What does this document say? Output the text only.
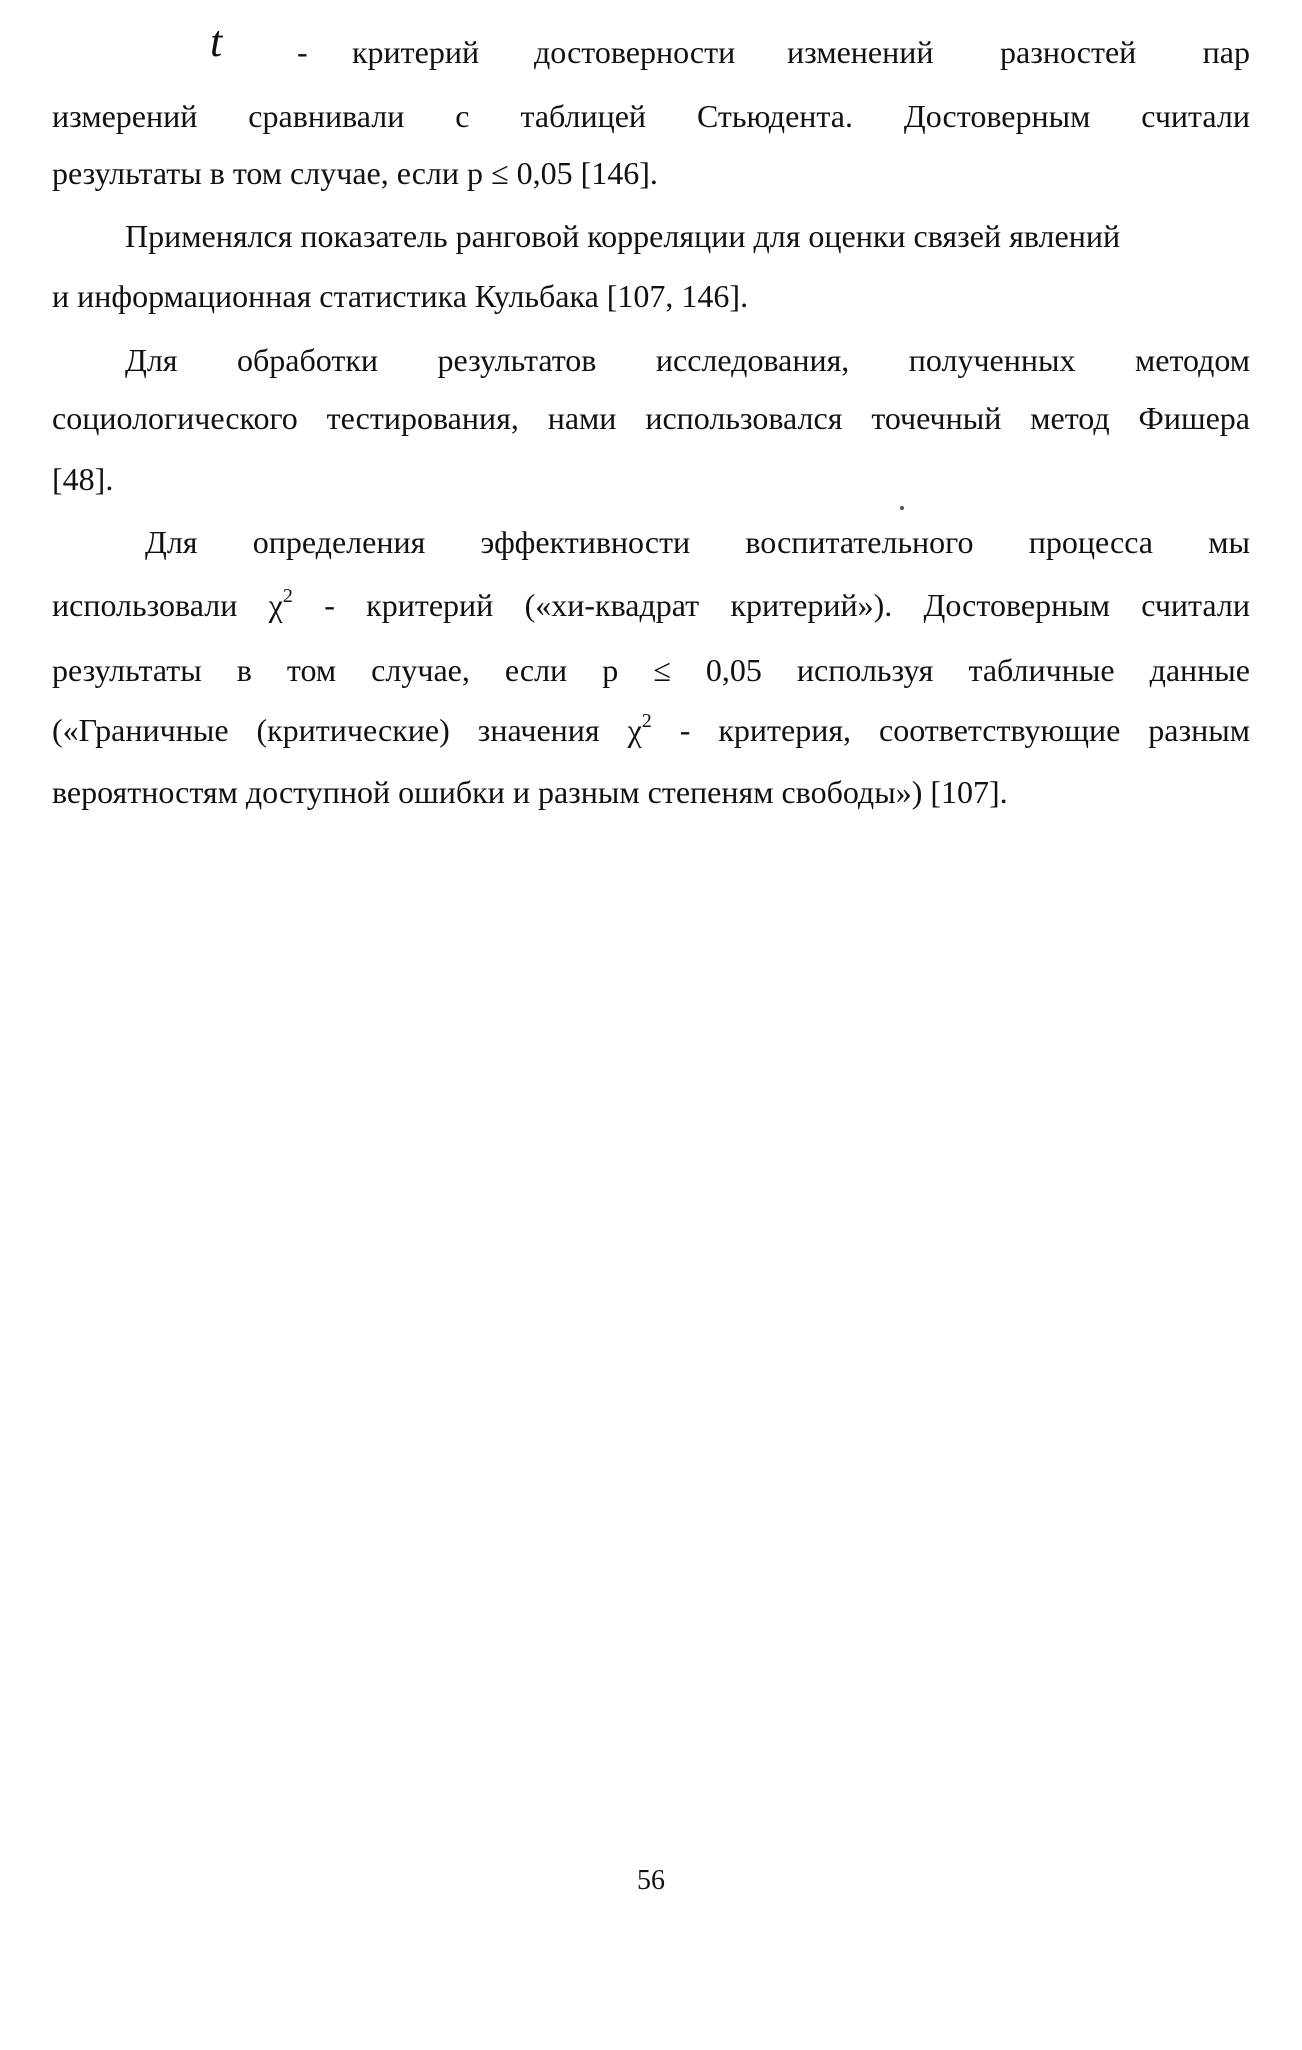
t - критерий достоверности изменений разностей пар
измерений сравнивали с таблицей Стьюдента. Достоверным считали
результаты в том случае, если p ≤ 0,05 [146].
Применялся показатель ранговой корреляции для оценки связей явлений
и информационная статистика Кульбака [107, 146].
Для обработки результатов исследования, полученных методом
социологического тестирования, нами использовался точечный метод Фишера
[48].
Для определения эффективности воспитательного процесса мы
использовали $\chi^2$ - критерий («хи-квадрат критерий»). Достоверным считали
результаты в том случае, если p ≤ 0,05 используя табличные данные
(«Граничные (критические) значения $\chi^2$ - критерия, соответствующие разным
вероятностям доступной ошибки и разным степеням свободы») [107].
56
